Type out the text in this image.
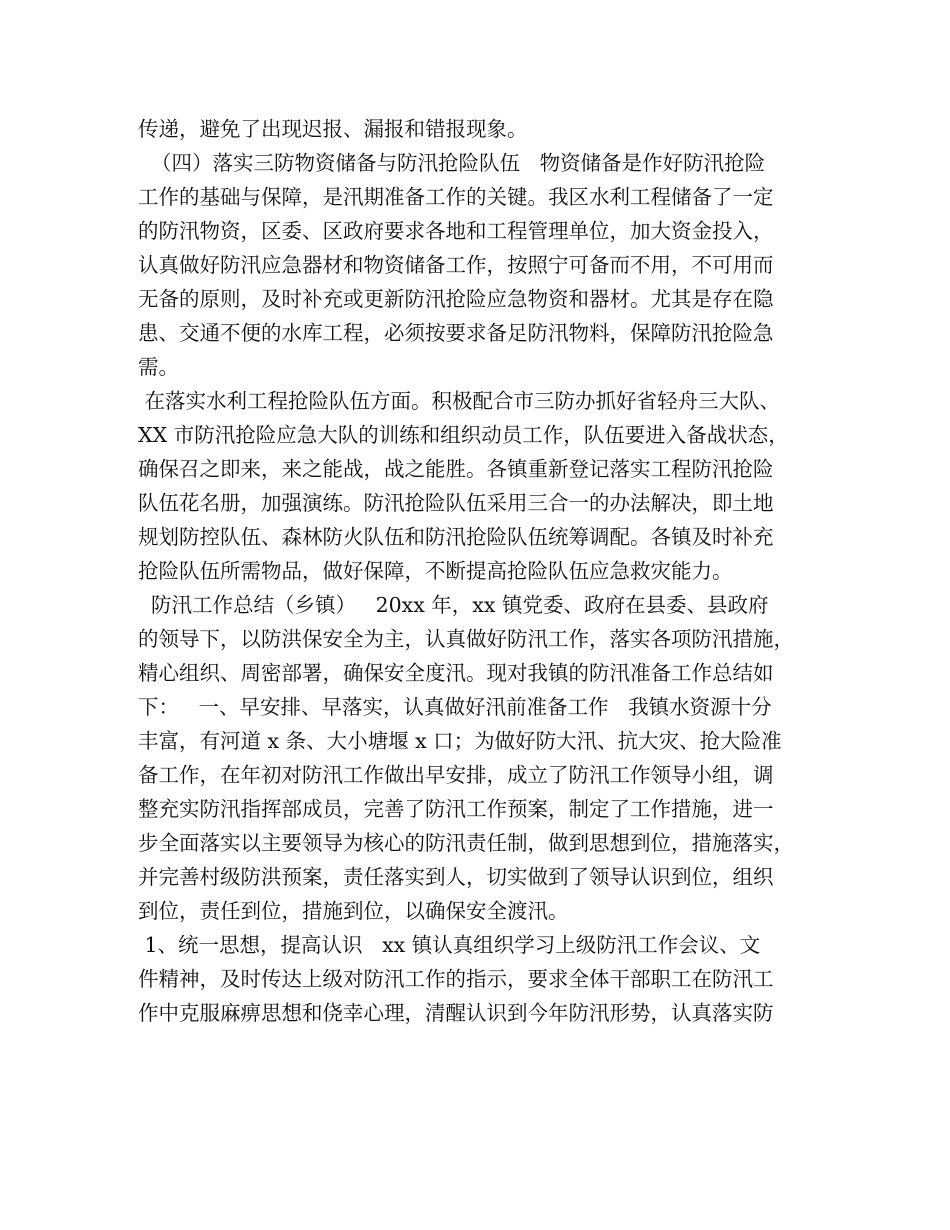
传递，避免了出现迟报、漏报和错报现象。
（四）落实三防物资储备与防汛抢险队伍   物资储备是作好防汛抢险
工作的基础与保障，是汛期准备工作的关键。我区水利工程储备了一定
的防汛物资，区委、区政府要求各地和工程管理单位，加大资金投入，
认真做好防汛应急器材和物资储备工作，按照宁可备而不用，不可用而
无备的原则，及时补充或更新防汛抢险应急物资和器材。尤其是存在隐
患、交通不便的水库工程，必须按要求备足防汛物料，保障防汛抢险急
需。
在落实水利工程抢险队伍方面。积极配合市三防办抓好省轻舟三大队、
XX 市防汛抢险应急大队的训练和组织动员工作，队伍要进入备战状态，
确保召之即来，来之能战，战之能胜。各镇重新登记落实工程防汛抢险
队伍花名册，加强演练。防汛抢险队伍采用三合一的办法解决，即土地
规划防控队伍、森林防火队伍和防汛抢险队伍统筹调配。各镇及时补充
抢险队伍所需物品，做好保障，不断提高抢险队伍应急救灾能力。
防汛工作总结（乡镇）   20xx 年，xx 镇党委、政府在县委、县政府
的领导下，以防洪保安全为主，认真做好防汛工作，落实各项防汛措施，
精心组织、周密部署，确保安全度汛。现对我镇的防汛准备工作总结如
下：   一、早安排、早落实，认真做好汛前准备工作   我镇水资源十分
丰富，有河道 x 条、大小塘堰 x 口；为做好防大汛、抗大灾、抢大险准
备工作，在年初对防汛工作做出早安排，成立了防汛工作领导小组，调
整充实防汛指挥部成员，完善了防汛工作预案，制定了工作措施，进一
步全面落实以主要领导为核心的防汛责任制，做到思想到位，措施落实，
并完善村级防洪预案，责任落实到人，切实做到了领导认识到位，组织
到位，责任到位，措施到位，以确保安全渡汛。
1、统一思想，提高认识   xx 镇认真组织学习上级防汛工作会议、文
件精神，及时传达上级对防汛工作的指示，要求全体干部职工在防汛工
作中克服麻痹思想和侥幸心理，清醒认识到今年防汛形势，认真落实防
